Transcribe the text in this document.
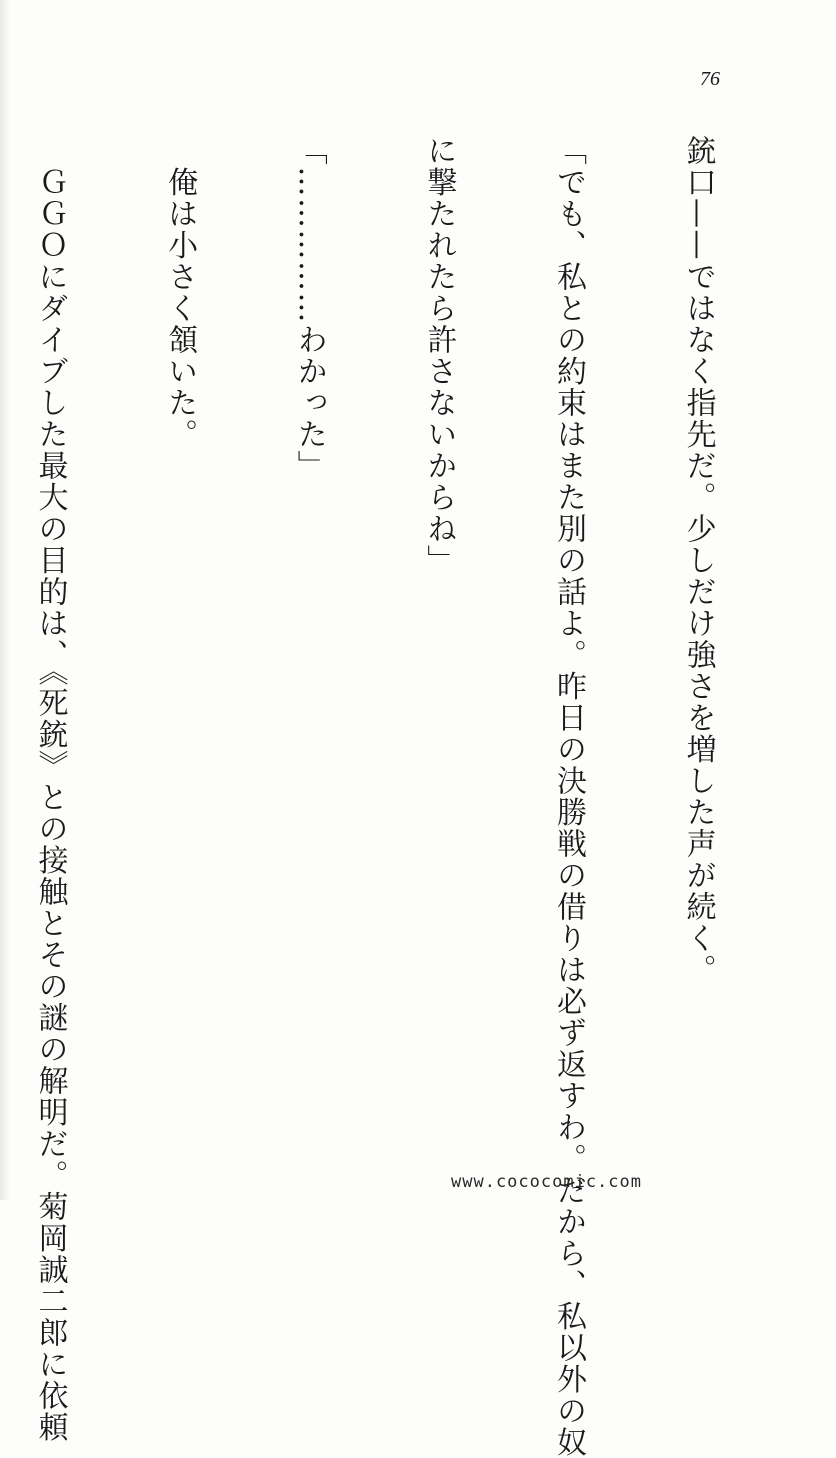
76

銃口——ではなく指先だ。少しだけ強さを増した声が続く。

「でも、私との約束はまた別の話よ。昨日の決勝戦の借りは必ず返すわ。だから、私以外の奴

に撃たれたら許さないからね」

「……………わかった」

　俺は小さく頷いた。

　ＧＧＯにダイブした最大の目的は、《死銃》との接触とその謎の解明だ。菊岡誠二郎に依頼

	www.cococomic.com
